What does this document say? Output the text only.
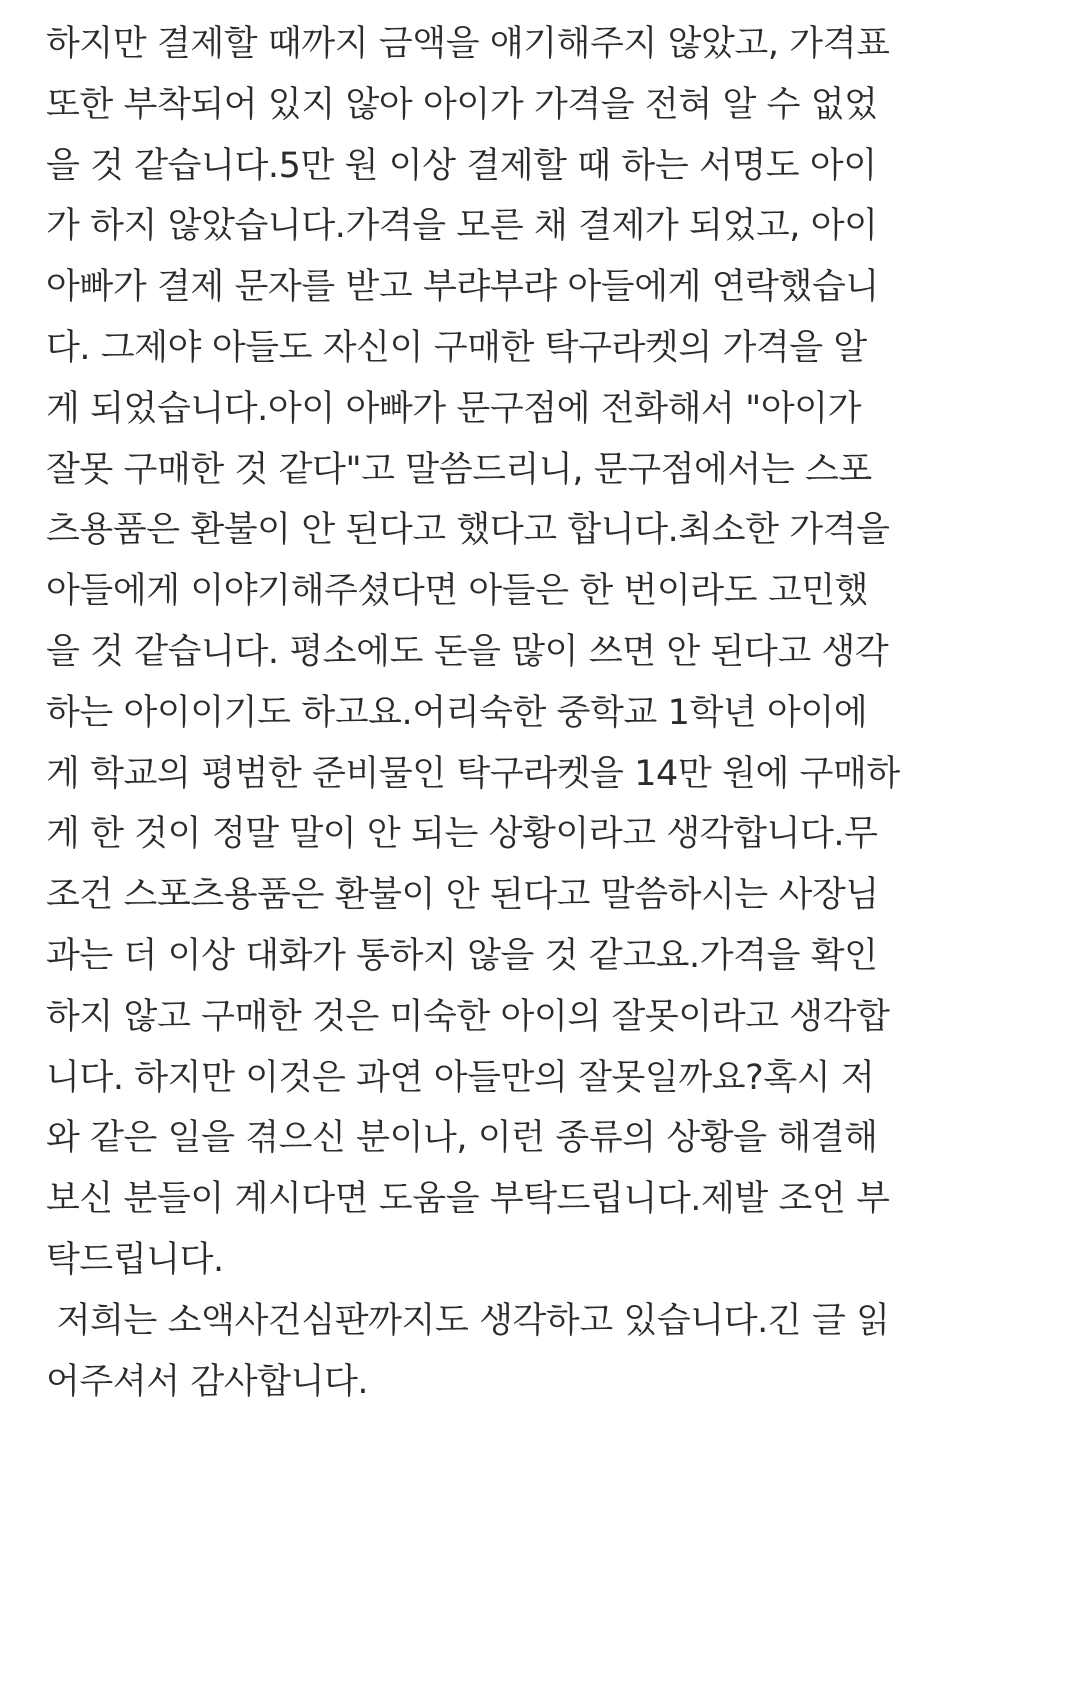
하지만 결제할 때까지 금액을 얘기해주지 않았고, 가격표
또한 부착되어 있지 않아 아이가 가격을 전혀 알 수 없었
을 것 같습니다.5만 원 이상 결제할 때 하는 서명도 아이
가 하지 않았습니다.가격을 모른 채 결제가 되었고, 아이
아빠가 결제 문자를 받고 부랴부랴 아들에게 연락했습니
다. 그제야 아들도 자신이 구매한 탁구라켓의 가격을 알
게 되었습니다.아이 아빠가 문구점에 전화해서 "아이가
잘못 구매한 것 같다"고 말씀드리니, 문구점에서는 스포
츠용품은 환불이 안 된다고 했다고 합니다.최소한 가격을
아들에게 이야기해주셨다면 아들은 한 번이라도 고민했
을 것 같습니다. 평소에도 돈을 많이 쓰면 안 된다고 생각
하는 아이이기도 하고요.어리숙한 중학교 1학년 아이에
게 학교의 평범한 준비물인 탁구라켓을 14만 원에 구매하
게 한 것이 정말 말이 안 되는 상황이라고 생각합니다.무
조건 스포츠용품은 환불이 안 된다고 말씀하시는 사장님
과는 더 이상 대화가 통하지 않을 것 같고요.가격을 확인
하지 않고 구매한 것은 미숙한 아이의 잘못이라고 생각합
니다. 하지만 이것은 과연 아들만의 잘못일까요?혹시 저
와 같은 일을 겪으신 분이나, 이런 종류의 상황을 해결해
보신 분들이 계시다면 도움을 부탁드립니다.제발 조언 부
탁드립니다.
저희는 소액사건심판까지도 생각하고 있습니다.긴 글 읽
어주셔서 감사합니다.
